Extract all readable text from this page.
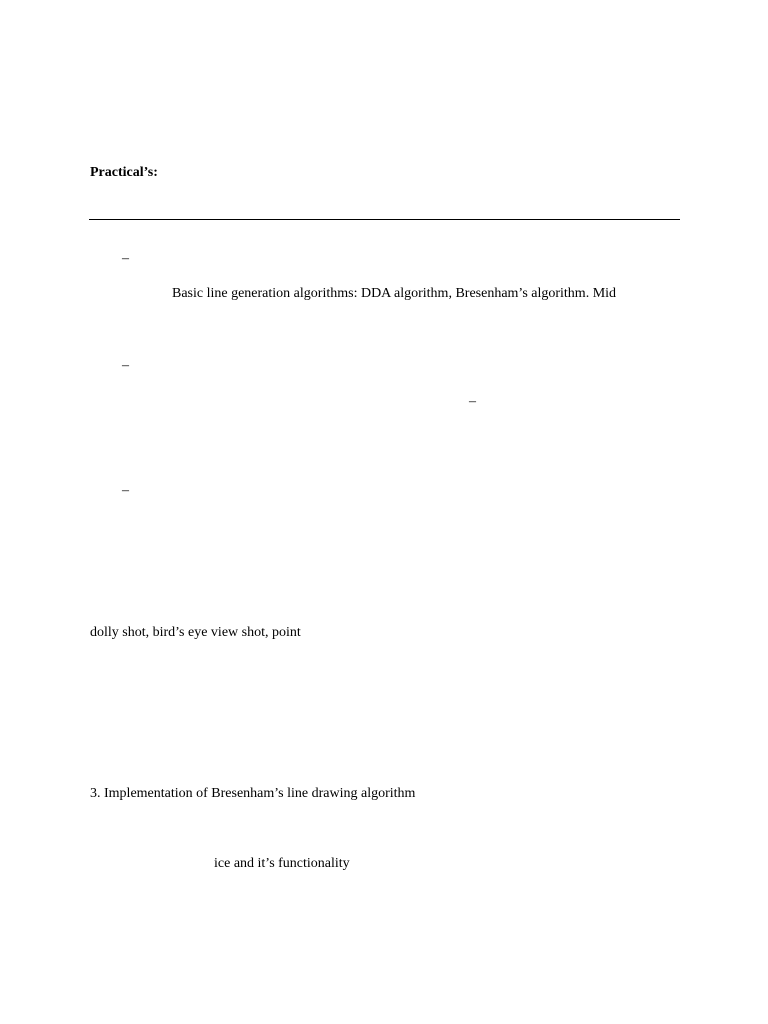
Practical’s:
–
Basic line generation algorithms: DDA algorithm, Bresenham’s algorithm. Mid
–
–
–
dolly shot, bird’s eye view shot, point
3. Implementation of Bresenham’s line drawing algorithm
ice and it’s functionality
